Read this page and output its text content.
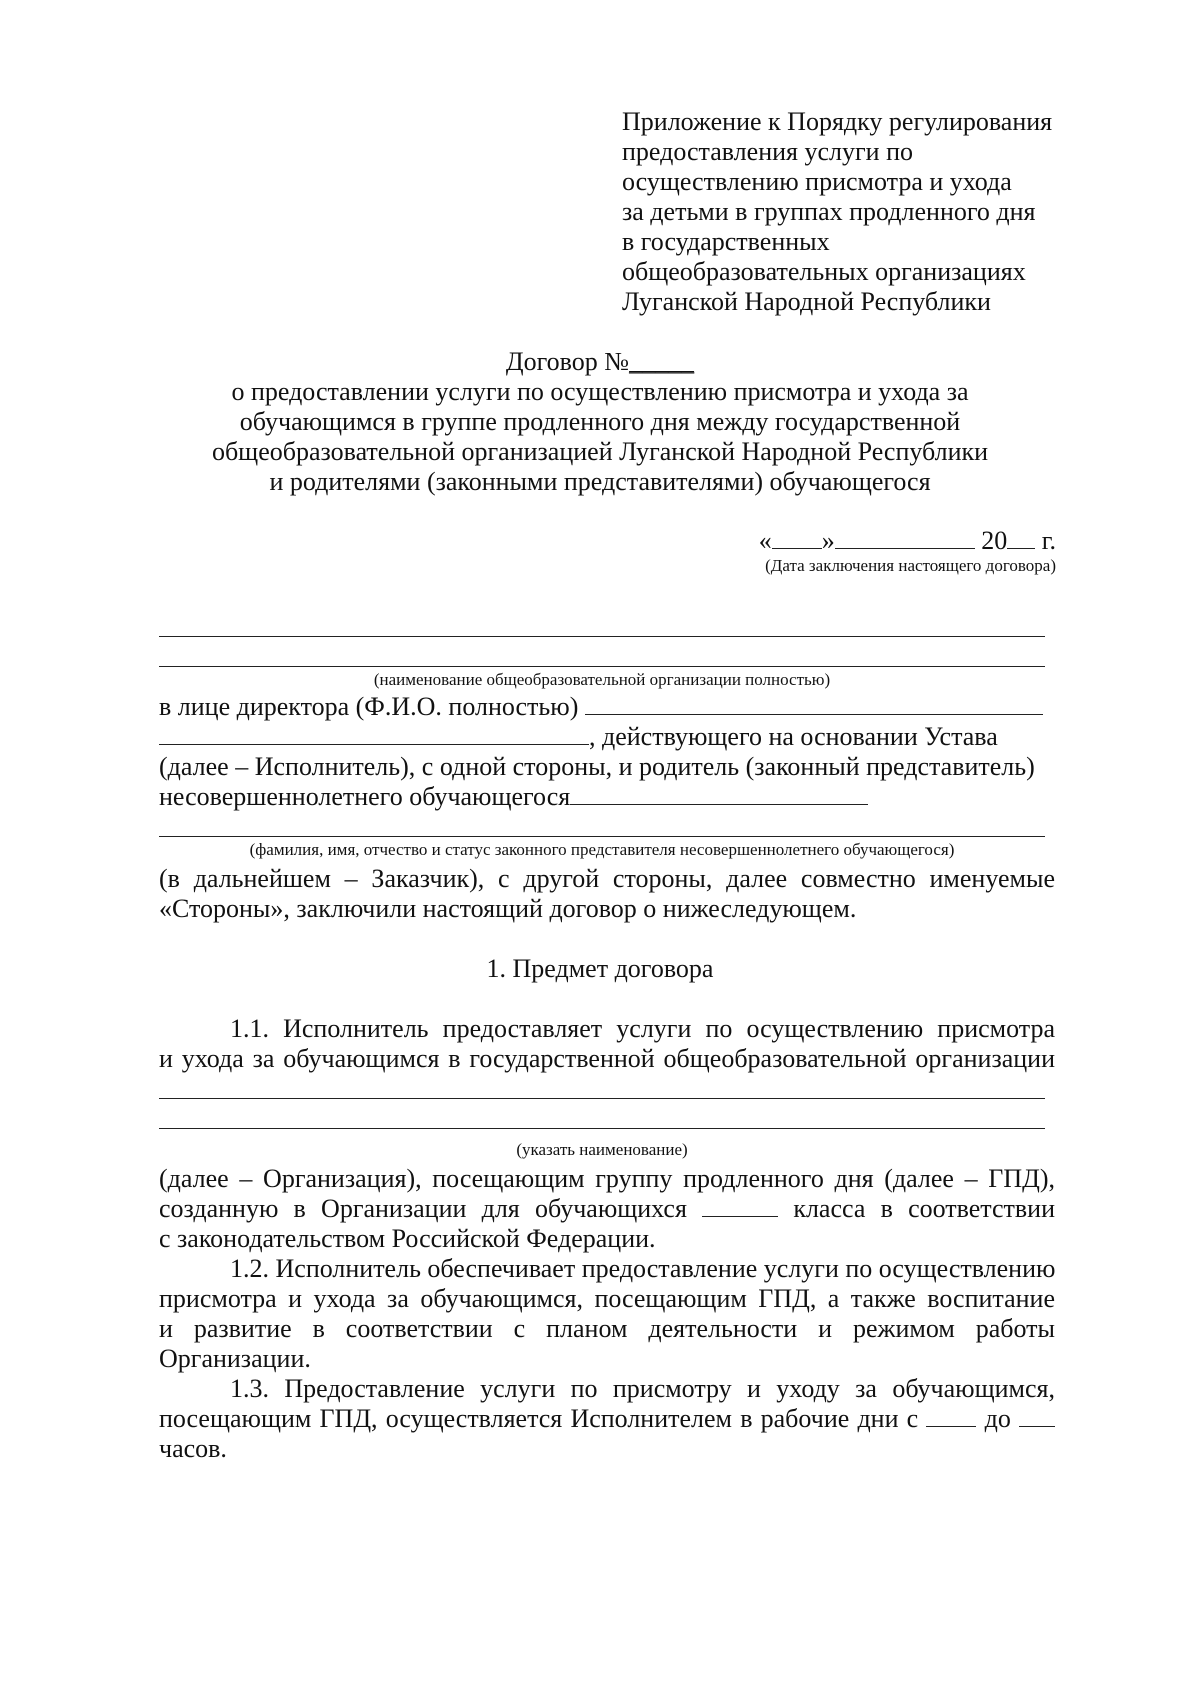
Приложение к Порядку регулирования
предоставления услуги по
осуществлению присмотра и ухода
за детьми в группах продленного дня
в государственных
общеобразовательных организациях
Луганской Народной Республики
Договор №_____
о предоставлении услуги по осуществлению присмотра и ухода за
обучающимся в группе продленного дня между государственной
общеобразовательной организацией Луганской Народной Республики
и родителями (законными представителями) обучающегося
« »	20 г.
(Дата заключения настоящего договора)
(наименование общеобразовательной организации полностью)
в лице директора (Ф.И.О. полностью)
, действующего на основании Устава
(далее – Исполнитель), с одной стороны, и родитель (законный представитель)
несовершеннолетнего обучающегося
(фамилия, имя, отчество и статус законного представителя несовершеннолетнего обучающегося)
(в дальнейшем – Заказчик), с другой стороны, далее совместно именуемые
«Стороны», заключили настоящий договор о нижеследующем.
1. Предмет договора
1.1. Исполнитель предоставляет услуги по осуществлению присмотра
и ухода за обучающимся в государственной общеобразовательной организации
(указать наименование)
(далее – Организация), посещающим группу продленного дня (далее – ГПД),
созданную в Организации для обучающихся	класса в соответствии
с законодательством Российской Федерации.
1.2. Исполнитель обеспечивает предоставление услуги по осуществлению
присмотра и ухода за обучающимся, посещающим ГПД, а также воспитание
и развитие в соответствии с планом деятельности и режимом работы
Организации.
1.3. Предоставление услуги по присмотру и уходу за обучающимся,
посещающим ГПД, осуществляется Исполнителем в рабочие дни с	до
часов.
